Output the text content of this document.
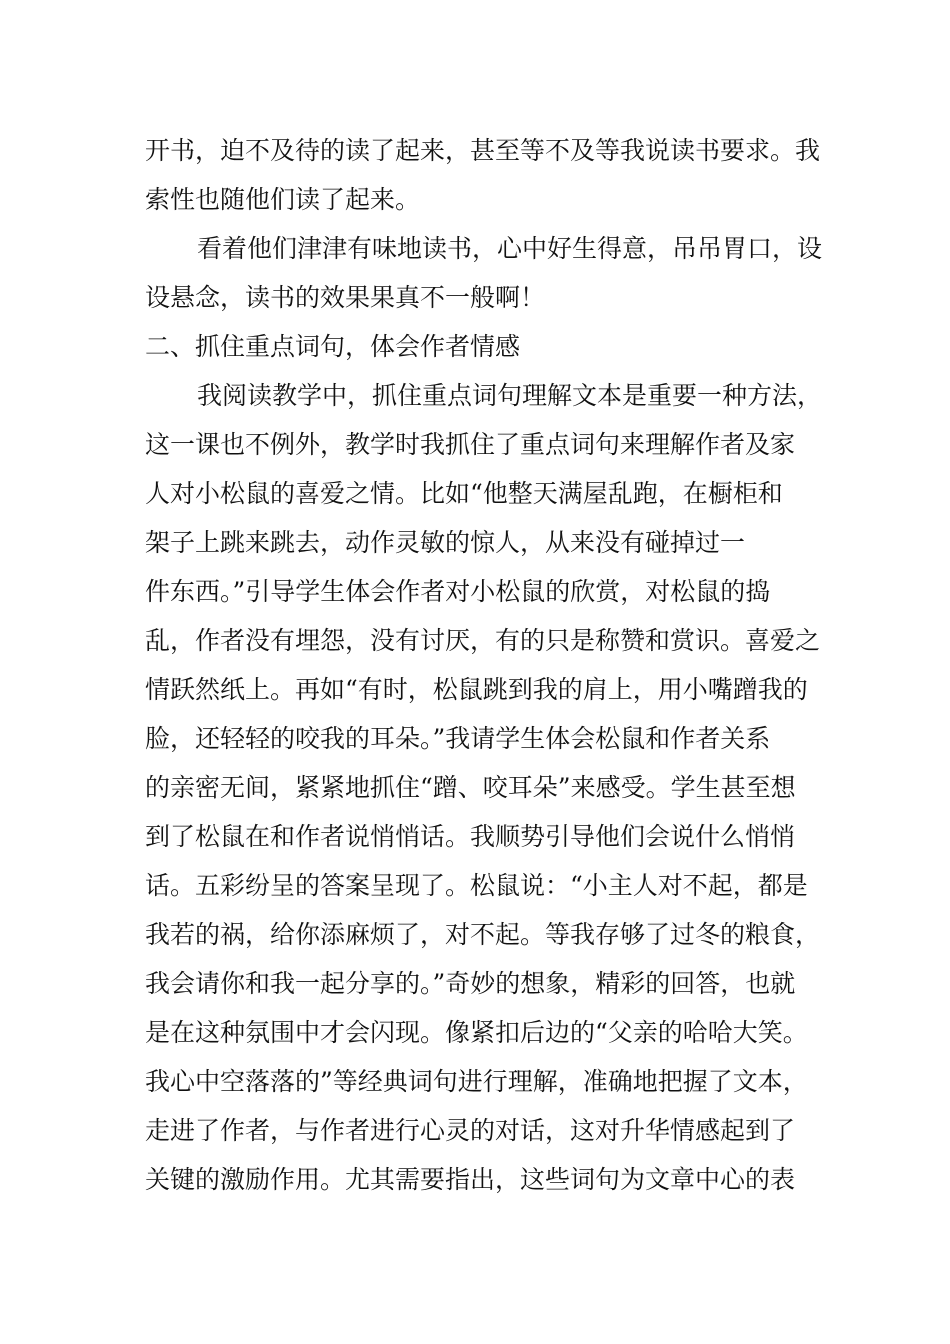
开书，迫不及待的读了起来，甚至等不及等我说读书要求。我
索性也随他们读了起来。
看着他们津津有味地读书，心中好生得意，吊吊胃口，设
设悬念，读书的效果果真不一般啊！
二、抓住重点词句，体会作者情感
我阅读教学中，抓住重点词句理解文本是重要一种方法，
这一课也不例外，教学时我抓住了重点词句来理解作者及家
人对小松鼠的喜爱之情。比如“他整天满屋乱跑，在橱柜和
架子上跳来跳去，动作灵敏的惊人，从来没有碰掉过一
件东西。”引导学生体会作者对小松鼠的欣赏，对松鼠的捣
乱，作者没有埋怨，没有讨厌，有的只是称赞和赏识。喜爱之
情跃然纸上。再如“有时，松鼠跳到我的肩上，用小嘴蹭我的
脸，还轻轻的咬我的耳朵。”我请学生体会松鼠和作者关系
的亲密无间，紧紧地抓住“蹭、咬耳朵”来感受。学生甚至想
到了松鼠在和作者说悄悄话。我顺势引导他们会说什么悄悄
话。五彩纷呈的答案呈现了。松鼠说：“小主人对不起，都是
我若的祸，给你添麻烦了，对不起。等我存够了过冬的粮食，
我会请你和我一起分享的。”奇妙的想象，精彩的回答，也就
是在这种氛围中才会闪现。像紧扣后边的“父亲的哈哈大笑。
我心中空落落的”等经典词句进行理解，准确地把握了文本，
走进了作者，与作者进行心灵的对话，这对升华情感起到了
关键的激励作用。尤其需要指出，这些词句为文章中心的表
